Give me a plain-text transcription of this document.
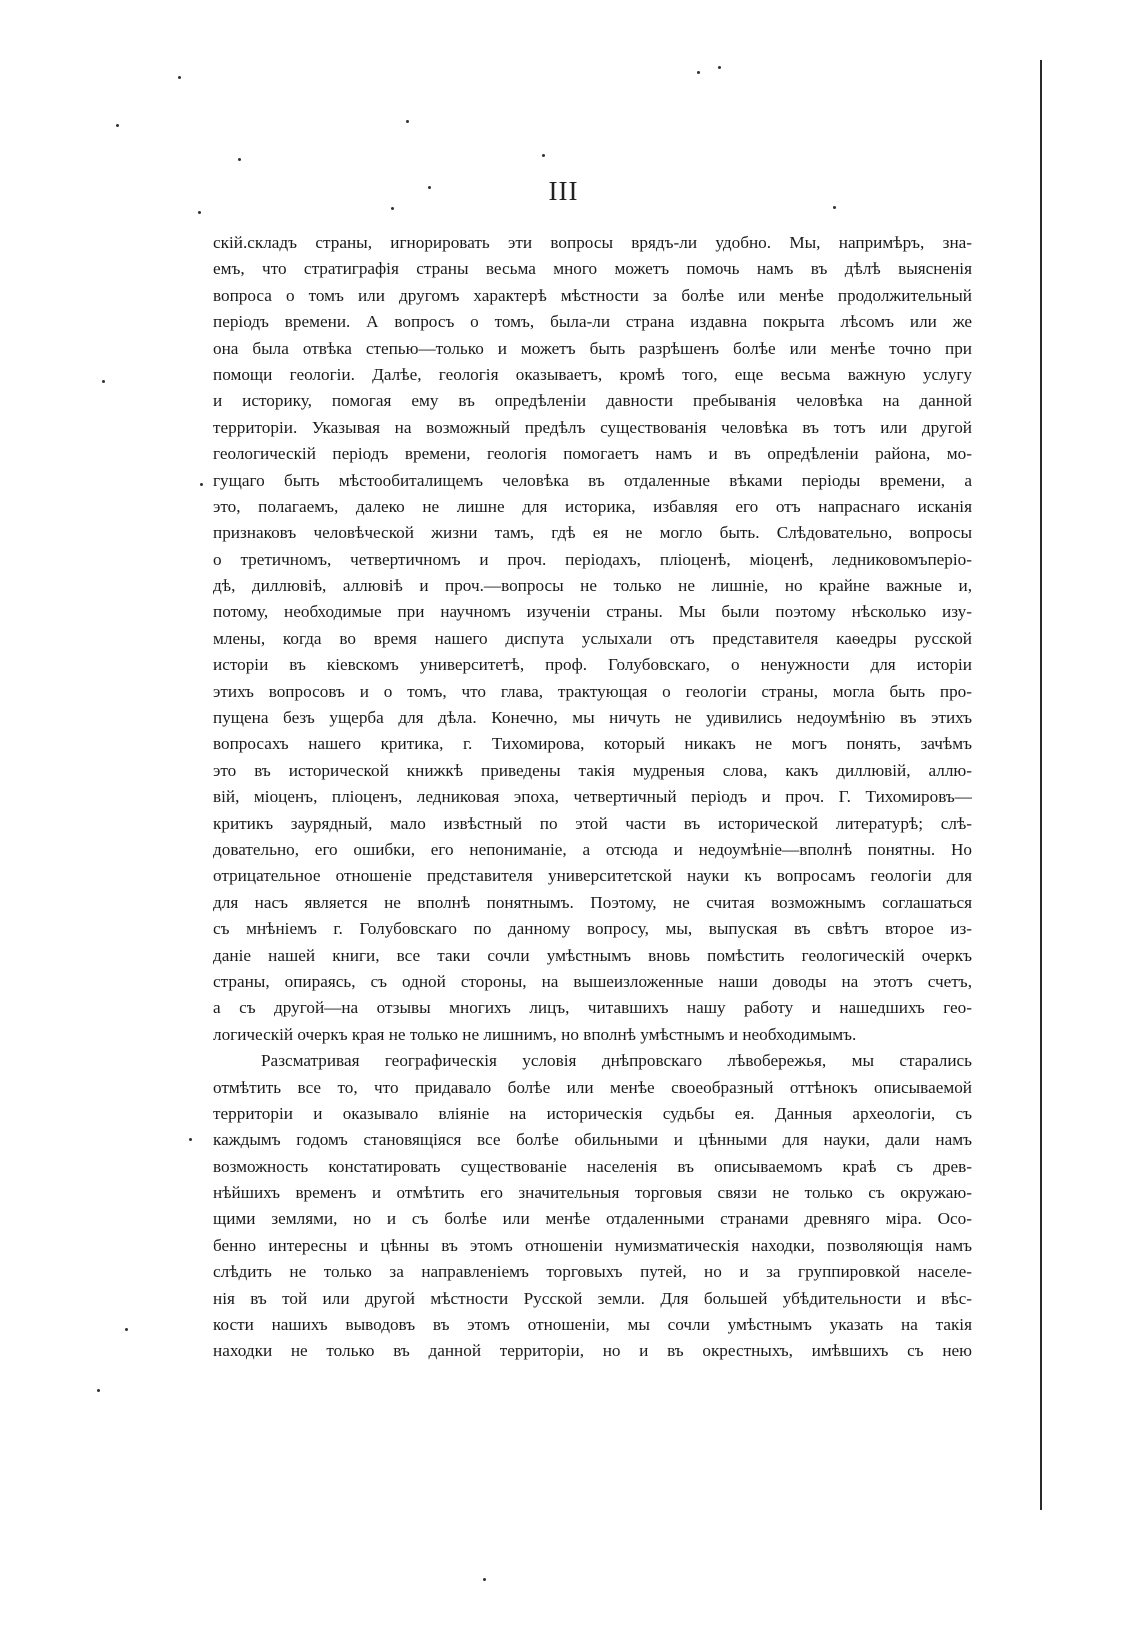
III
скій.складъ страны, игнорировать эти вопросы врядъ-ли удобно. Мы, напримѣръ, зна-
емъ, что стратиграфія страны весьма много можетъ помочь намъ въ дѣлѣ выясненія
вопроса о томъ или другомъ характерѣ мѣстности за болѣе или менѣе продолжительный
періодъ времени. А вопросъ о томъ, была-ли страна издавна покрыта лѣсомъ или же
она была отвѣка степью—только и можетъ быть разрѣшенъ болѣе или менѣе точно при
помощи геологіи. Далѣе, геологія оказываетъ, кромѣ того, еще весьма важную услугу
и историку, помогая ему въ опредѣленіи давности пребыванія человѣка на данной
территоріи. Указывая на возможный предѣлъ существованія человѣка въ тотъ или другой
геологическій періодъ времени, геологія помогаетъ намъ и въ опредѣленіи района, мо-
гущаго быть мѣстообиталищемъ человѣка въ отдаленные вѣками періоды времени, а
это, полагаемъ, далеко не лишне для историка, избавляя его отъ напраснаго исканія
признаковъ человѣческой жизни тамъ, гдѣ ея не могло быть. Слѣдовательно, вопросы
о третичномъ, четвертичномъ и проч. періодахъ, пліоценѣ, міоценѣ, ледниковомъперіо-
дѣ, диллювіѣ, аллювіѣ и проч.—вопросы не только не лишніе, но крайне важные и,
потому, необходимые при научномъ изученіи страны. Мы были поэтому нѣсколько изу-
млены, когда во время нашего диспута услыхали отъ представителя каѳедры русской
исторіи въ кіевскомъ университетѣ, проф. Голубовскаго, о ненужности для исторіи
этихъ вопросовъ и о томъ, что глава, трактующая о геологіи страны, могла быть про-
пущена безъ ущерба для дѣла. Конечно, мы ничуть не удивились недоумѣнію въ этихъ
вопросахъ нашего критика, г. Тихомирова, который никакъ не могъ понять, зачѣмъ
это въ исторической книжкѣ приведены такія мудреныя слова, какъ диллювій, аллю-
вій, міоценъ, пліоценъ, ледниковая эпоха, четвертичный періодъ и проч. Г. Тихомировъ—
критикъ заурядный, мало извѣстный по этой части въ исторической литературѣ; слѣ-
довательно, его ошибки, его непониманіе, а отсюда и недоумѣніе—вполнѣ понятны. Но
отрицательное отношеніе представителя университетской науки къ вопросамъ геологіи для
для насъ является не вполнѣ понятнымъ. Поэтому, не считая возможнымъ соглашаться
съ мнѣніемъ г. Голубовскаго по данному вопросу, мы, выпуская въ свѣтъ второе из-
даніе нашей книги, все таки сочли умѣстнымъ вновь помѣстить геологическій очеркъ
страны, опираясь, съ одной стороны, на вышеизложенные наши доводы на этотъ счетъ,
а съ другой—на отзывы многихъ лицъ, читавшихъ нашу работу и нашедшихъ гео-
логическій очеркъ края не только не лишнимъ, но вполнѣ умѣстнымъ и необходимымъ.
Разсматривая географическія условія днѣпровскаго лѣвобережья, мы старались
отмѣтить все то, что придавало болѣе или менѣе своеобразный оттѣнокъ описываемой
территоріи и оказывало вліяніе на историческія судьбы ея. Данныя археологіи, съ
каждымъ годомъ становящіяся все болѣе обильными и цѣнными для науки, дали намъ
возможность констатировать существованіе населенія въ описываемомъ краѣ съ древ-
нѣйшихъ временъ и отмѣтить его значительныя торговыя связи не только съ окружаю-
щими землями, но и съ болѣе или менѣе отдаленными странами древняго міра. Осо-
бенно интересны и цѣнны въ этомъ отношеніи нумизматическія находки, позволяющія намъ
слѣдить не только за направленіемъ торговыхъ путей, но и за группировкой населе-
нія въ той или другой мѣстности Русской земли. Для большей убѣдительности и вѣс-
кости нашихъ выводовъ въ этомъ отношеніи, мы сочли умѣстнымъ указать на такія
находки не только въ данной территоріи, но и въ окрестныхъ, имѣвшихъ съ нею
